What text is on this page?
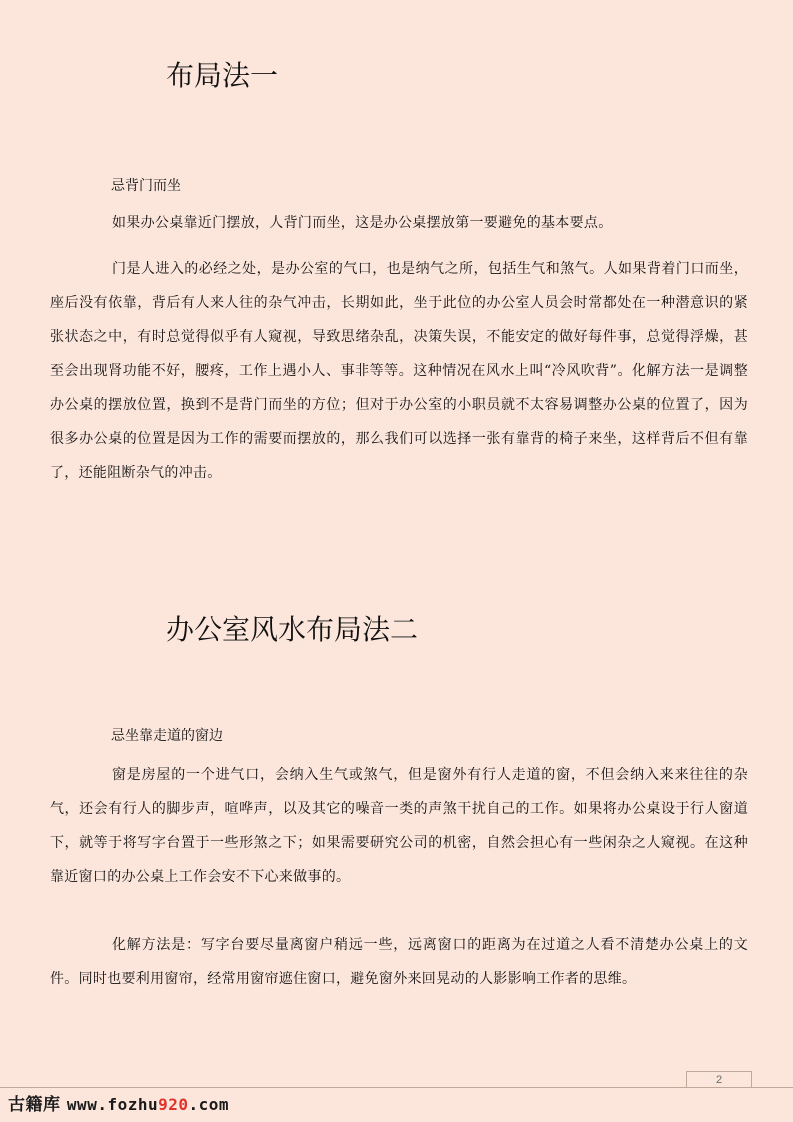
布局法一

忌背门而坐

如果办公桌靠近门摆放，人背门而坐，这是办公桌摆放第一要避免的基本要点。

门是人进入的必经之处，是办公室的气口，也是纳气之所，包括生气和煞气。人如果背着门口而坐，座后没有依靠，背后有人来人往的杂气冲击，长期如此，坐于此位的办公室人员会时常都处在一种潜意识的紧张状态之中，有时总觉得似乎有人窥视，导致思绪杂乱，决策失误，不能安定的做好每件事，总觉得浮燥，甚至会出现肾功能不好，腰疼，工作上遇小人、事非等等。这种情况在风水上叫“冷风吹背”。化解方法一是调整办公桌的摆放位置，换到不是背门而坐的方位；但对于办公室的小职员就不太容易调整办公桌的位置了，因为很多办公桌的位置是因为工作的需要而摆放的，那么我们可以选择一张有靠背的椅子来坐，这样背后不但有靠了，还能阻断杂气的冲击。

办公室风水布局法二

忌坐靠走道的窗边

窗是房屋的一个进气口，会纳入生气或煞气，但是窗外有行人走道的窗，不但会纳入来来往往的杂气，还会有行人的脚步声，喧哗声，以及其它的噪音一类的声煞干扰自己的工作。如果将办公桌设于行人窗道下，就等于将写字台置于一些形煞之下；如果需要研究公司的机密，自然会担心有一些闲杂之人窥视。在这种靠近窗口的办公桌上工作会安不下心来做事的。

化解方法是：写字台要尽量离窗户稍远一些，远离窗口的距离为在过道之人看不清楚办公桌上的文件。同时也要利用窗帘，经常用窗帘遮住窗口，避免窗外来回晃动的人影影响工作者的思维。

2
古籍库 www.fozhu920.com
